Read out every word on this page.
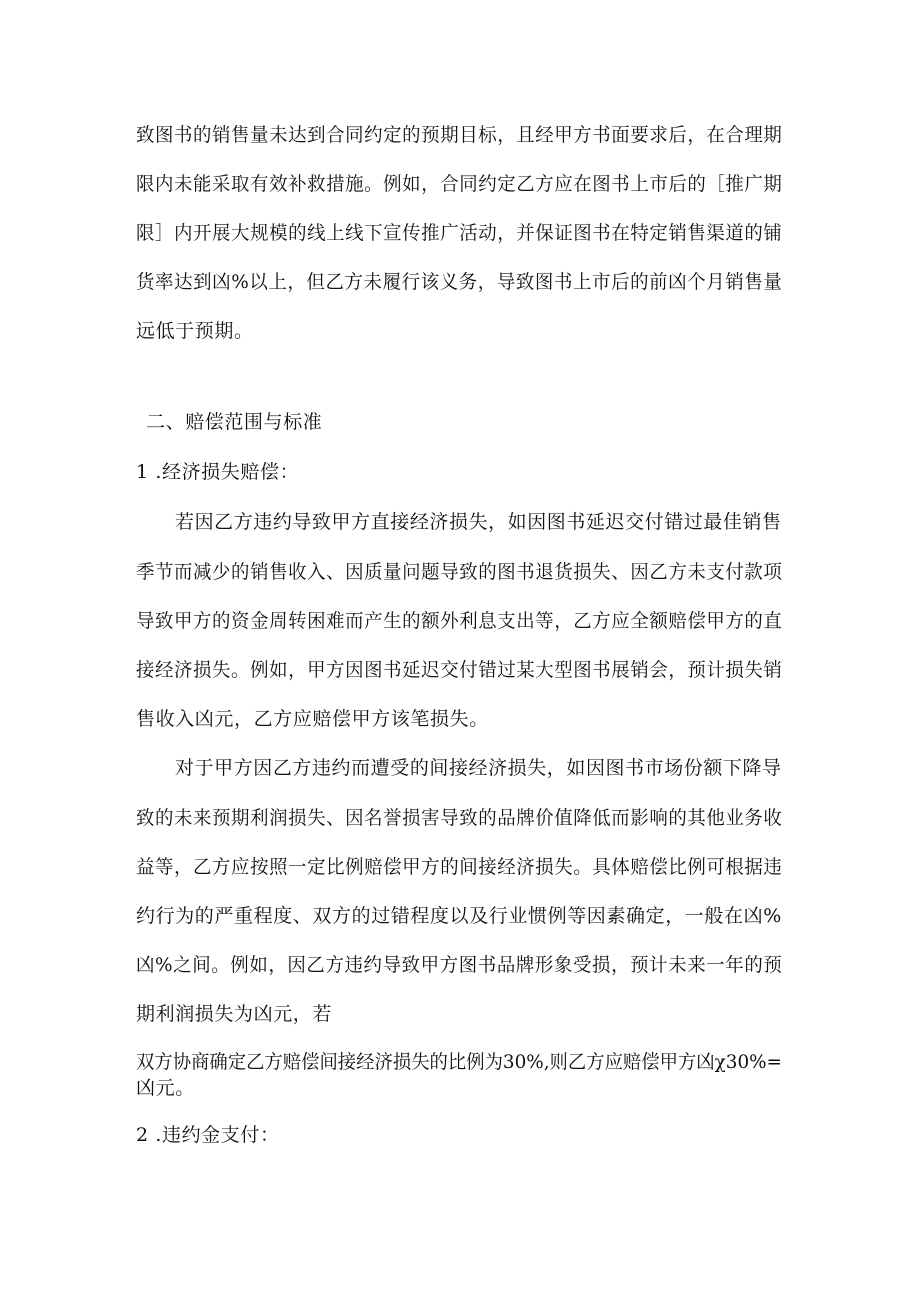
致图书的销售量未达到合同约定的预期目标，且经甲方书面要求后，在合理期
限内未能采取有效补救措施。例如，合同约定乙方应在图书上市后的［推广期
限］内开展大规模的线上线下宣传推广活动，并保证图书在特定销售渠道的铺
货率达到凶%以上，但乙方未履行该义务，导致图书上市后的前凶个月销售量
远低于预期。
二、赔偿范围与标准
1 .经济损失赔偿：
若因乙方违约导致甲方直接经济损失，如因图书延迟交付错过最佳销售
季节而减少的销售收入、因质量问题导致的图书退货损失、因乙方未支付款项
导致甲方的资金周转困难而产生的额外利息支出等，乙方应全额赔偿甲方的直
接经济损失。例如，甲方因图书延迟交付错过某大型图书展销会，预计损失销
售收入凶元，乙方应赔偿甲方该笔损失。
对于甲方因乙方违约而遭受的间接经济损失，如因图书市场份额下降导
致的未来预期利润损失、因名誉损害导致的品牌价值降低而影响的其他业务收
益等，乙方应按照一定比例赔偿甲方的间接经济损失。具体赔偿比例可根据违
约行为的严重程度、双方的过错程度以及行业惯例等因素确定，一般在凶%
凶%之间。例如，因乙方违约导致甲方图书品牌形象受损，预计未来一年的预
期利润损失为凶元，若
双方协商确定乙方赔偿间接经济损失的比例为30%,则乙方应赔偿甲方凶χ30%=
凶元。
2 .违约金支付：
